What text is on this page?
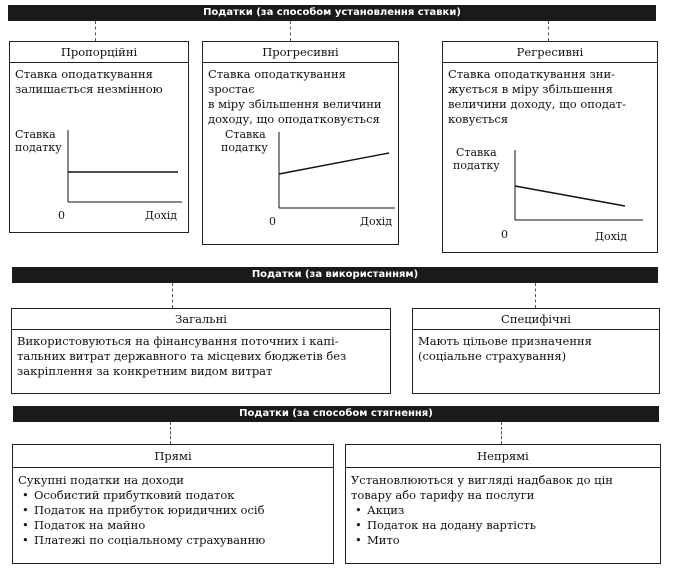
Податки (за способом установлення ставки)
Пропорційні
Ставка оподаткування
залишається незмінною
Ставка
податку
0	Дохід
Прогресивні
Ставка оподаткування зростає
в міру збільшення величини
доходу, що оподатковується
Ставка
податку
0	Дохід
Регресивні
Ставка оподаткування зни-
жується в міру збільшення
величини доходу, що оподат-
ковується
Ставка
податку
0	Дохід
Податки (за використанням)
Загальні
Використовуються на фінансування поточних і капі-
тальних витрат державного та місцевих бюджетів без
закріплення за конкретним видом витрат
Специфічні
Мають цільове призначення
(соціальне страхування)
Податки (за способом стягнення)
Прямі
Сукупні податки на доходи
• Особистий прибутковий податок
• Податок на прибуток юридичних осіб
• Податок на майно
• Платежі по соціальному страхуванню
Непрямі
Установлюються у вигляді надбавок до цін
товару або тарифу на послуги
• Акциз
• Податок на додану вартість
• Мито
